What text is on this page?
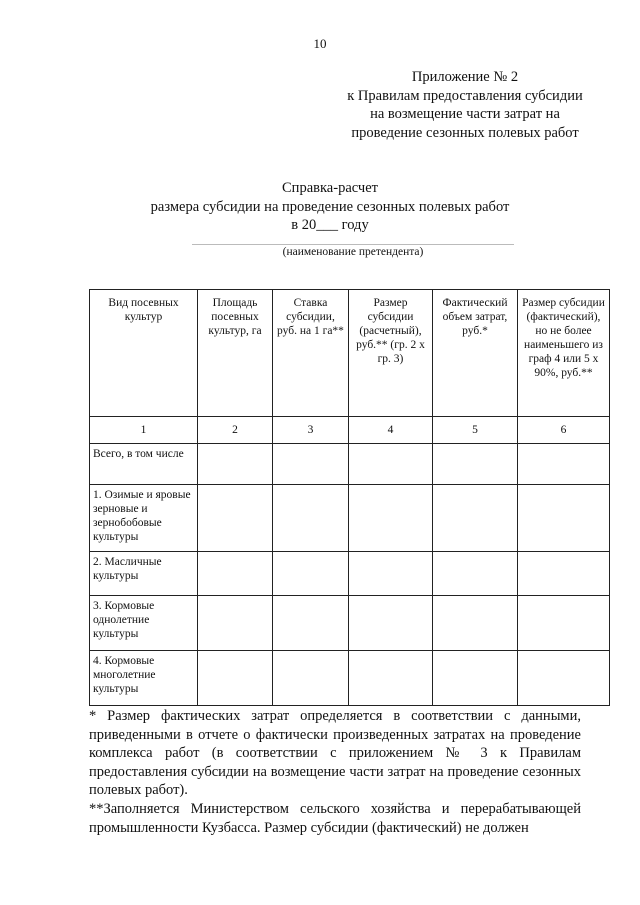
10
Приложение № 2
к Правилам предоставления субсидии
на возмещение части затрат на
проведение сезонных полевых работ
Справка-расчет
размера субсидии на проведение сезонных полевых работ
в 20___ году
(наименование претендента)
Вид посевных культур	Площадь посевных культур, га	Ставка субсидии, руб. на 1 га**	Размер субсидии (расчетный), руб.** (гр. 2 х гр. 3)	Фактический объем затрат, руб.*	Размер субсидии (фактический), но не более наименьшего из граф 4 или 5 х 90%, руб.**
1	2	3	4	5	6
Всего, в том числе					
1. Озимые и яровые зерновые и зернобобовые культуры					
2. Масличные культуры					
3. Кормовые однолетние культуры					
4. Кормовые многолетние культуры					

* Размер фактических затрат определяется в соответствии с данными, приведенными в отчете о фактически произведенных затратах на проведение комплекса работ (в соответствии с приложением № 3 к Правилам предоставления субсидии на возмещение части затрат на проведение сезонных полевых работ).

**Заполняется Министерством сельского хозяйства и перерабатывающей промышленности Кузбасса. Размер субсидии (фактический) не должен
